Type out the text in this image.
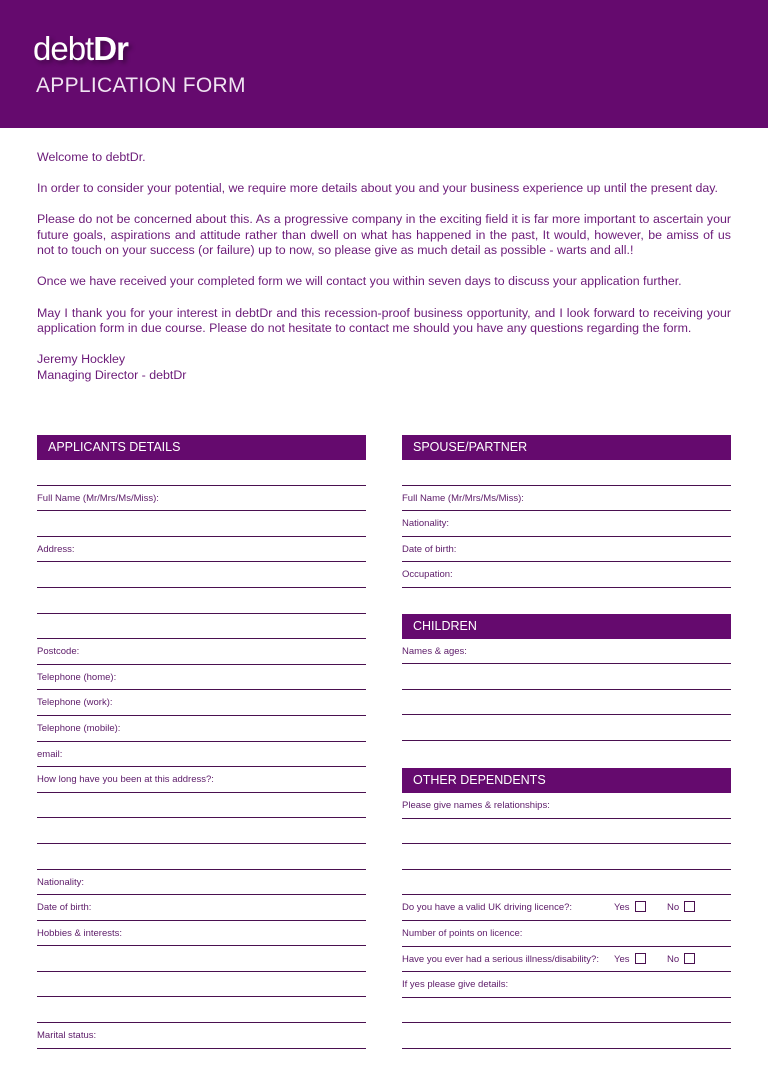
debtDr
APPLICATION FORM

Welcome to debtDr.

In order to consider your potential, we require more details about you and your business experience up until the present day.

Please do not be concerned about this. As a progressive company in the exciting field it is far more important to ascertain your future goals, aspirations and attitude rather than dwell on what has happened in the past, It would, however, be amiss of us not to touch on your success (or failure) up to now, so please give as much detail as possible - warts and all.!

Once we have received your completed form we will contact you within seven days to discuss your application further.

May I thank you for your interest in debtDr and this recession-proof business opportunity, and I look forward to receiving your application form in due course. Please do not hesitate to contact me should you have any questions regarding the form.

Jeremy Hockley
Managing Director - debtDr
APPLICANTS DETAILS
Full Name (Mr/Mrs/Ms/Miss):
Address:
Postcode:
Telephone (home):
Telephone (work):
Telephone (mobile):
email:
How long have you been at this address?:
Nationality:
Date of birth:
Hobbies & interests:
Marital status:
SPOUSE/PARTNER
Full Name (Mr/Mrs/Ms/Miss):
Nationality:
Date of birth:
Occupation:
CHILDREN
Names & ages:
OTHER DEPENDENTS
Please give names & relationships:
Do you have a valid UK driving licence?:	Yes	No
Number of points on licence:
Have you ever had a serious illness/disability?: Yes	No
If yes please give details:
